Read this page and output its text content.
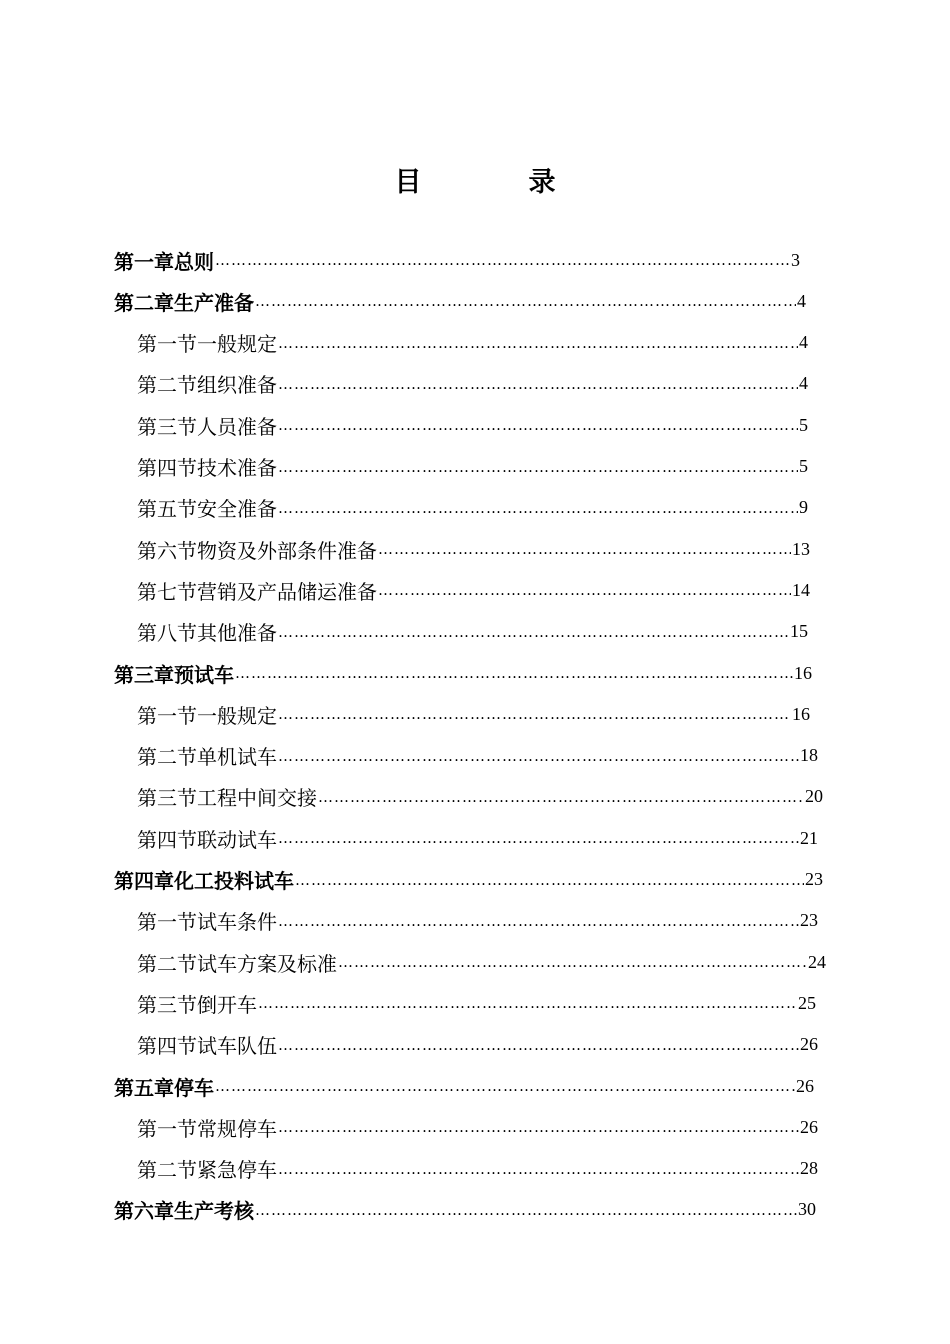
目　录
第一章 总则 ……………………………………………………………………………………………………………………………………………………………………………………………………	3
第二章 生产准备 ……………………………………………………………………………………………………………………………………………………………………………………………………	4
第一节 一般规定 ……………………………………………………………………………………………………………………………………………………………………………………………………	4
第二节 组织准备 ……………………………………………………………………………………………………………………………………………………………………………………………………	4
第三节 人员准备 ……………………………………………………………………………………………………………………………………………………………………………………………………	5
第四节 技术准备 ……………………………………………………………………………………………………………………………………………………………………………………………………	5
第五节 安全准备 ……………………………………………………………………………………………………………………………………………………………………………………………………	9
第六节 物资及外部条件准备 ……………………………………………………………………………………………………………………………………………………………………………………………………	13
第七节 营销及产品储运准备 ……………………………………………………………………………………………………………………………………………………………………………………………………	14
第八节 其他准备 ……………………………………………………………………………………………………………………………………………………………………………………………………	15
第三章 预试车 ……………………………………………………………………………………………………………………………………………………………………………………………………	16
第一节 一般规定 ……………………………………………………………………………………………………………………………………………………………………………………………………	16
第二节 单机试车 ……………………………………………………………………………………………………………………………………………………………………………………………………	18
第三节 工程中间交接 ……………………………………………………………………………………………………………………………………………………………………………………………………	20
第四节 联动试车 ……………………………………………………………………………………………………………………………………………………………………………………………………	21
第四章 化工投料试车 ……………………………………………………………………………………………………………………………………………………………………………………………………	23
第一节 试车条件 ……………………………………………………………………………………………………………………………………………………………………………………………………	23
第二节 试车方案及标准 ……………………………………………………………………………………………………………………………………………………………………………………………………	24
第三节 倒开车 ……………………………………………………………………………………………………………………………………………………………………………………………………	25
第四节 试车队伍 ……………………………………………………………………………………………………………………………………………………………………………………………………	26
第五章 停车 ……………………………………………………………………………………………………………………………………………………………………………………………………	26
第一节 常规停车 ……………………………………………………………………………………………………………………………………………………………………………………………………	26
第二节 紧急停车 ……………………………………………………………………………………………………………………………………………………………………………………………………	28
第六章 生产考核 ……………………………………………………………………………………………………………………………………………………………………………………………………	30
